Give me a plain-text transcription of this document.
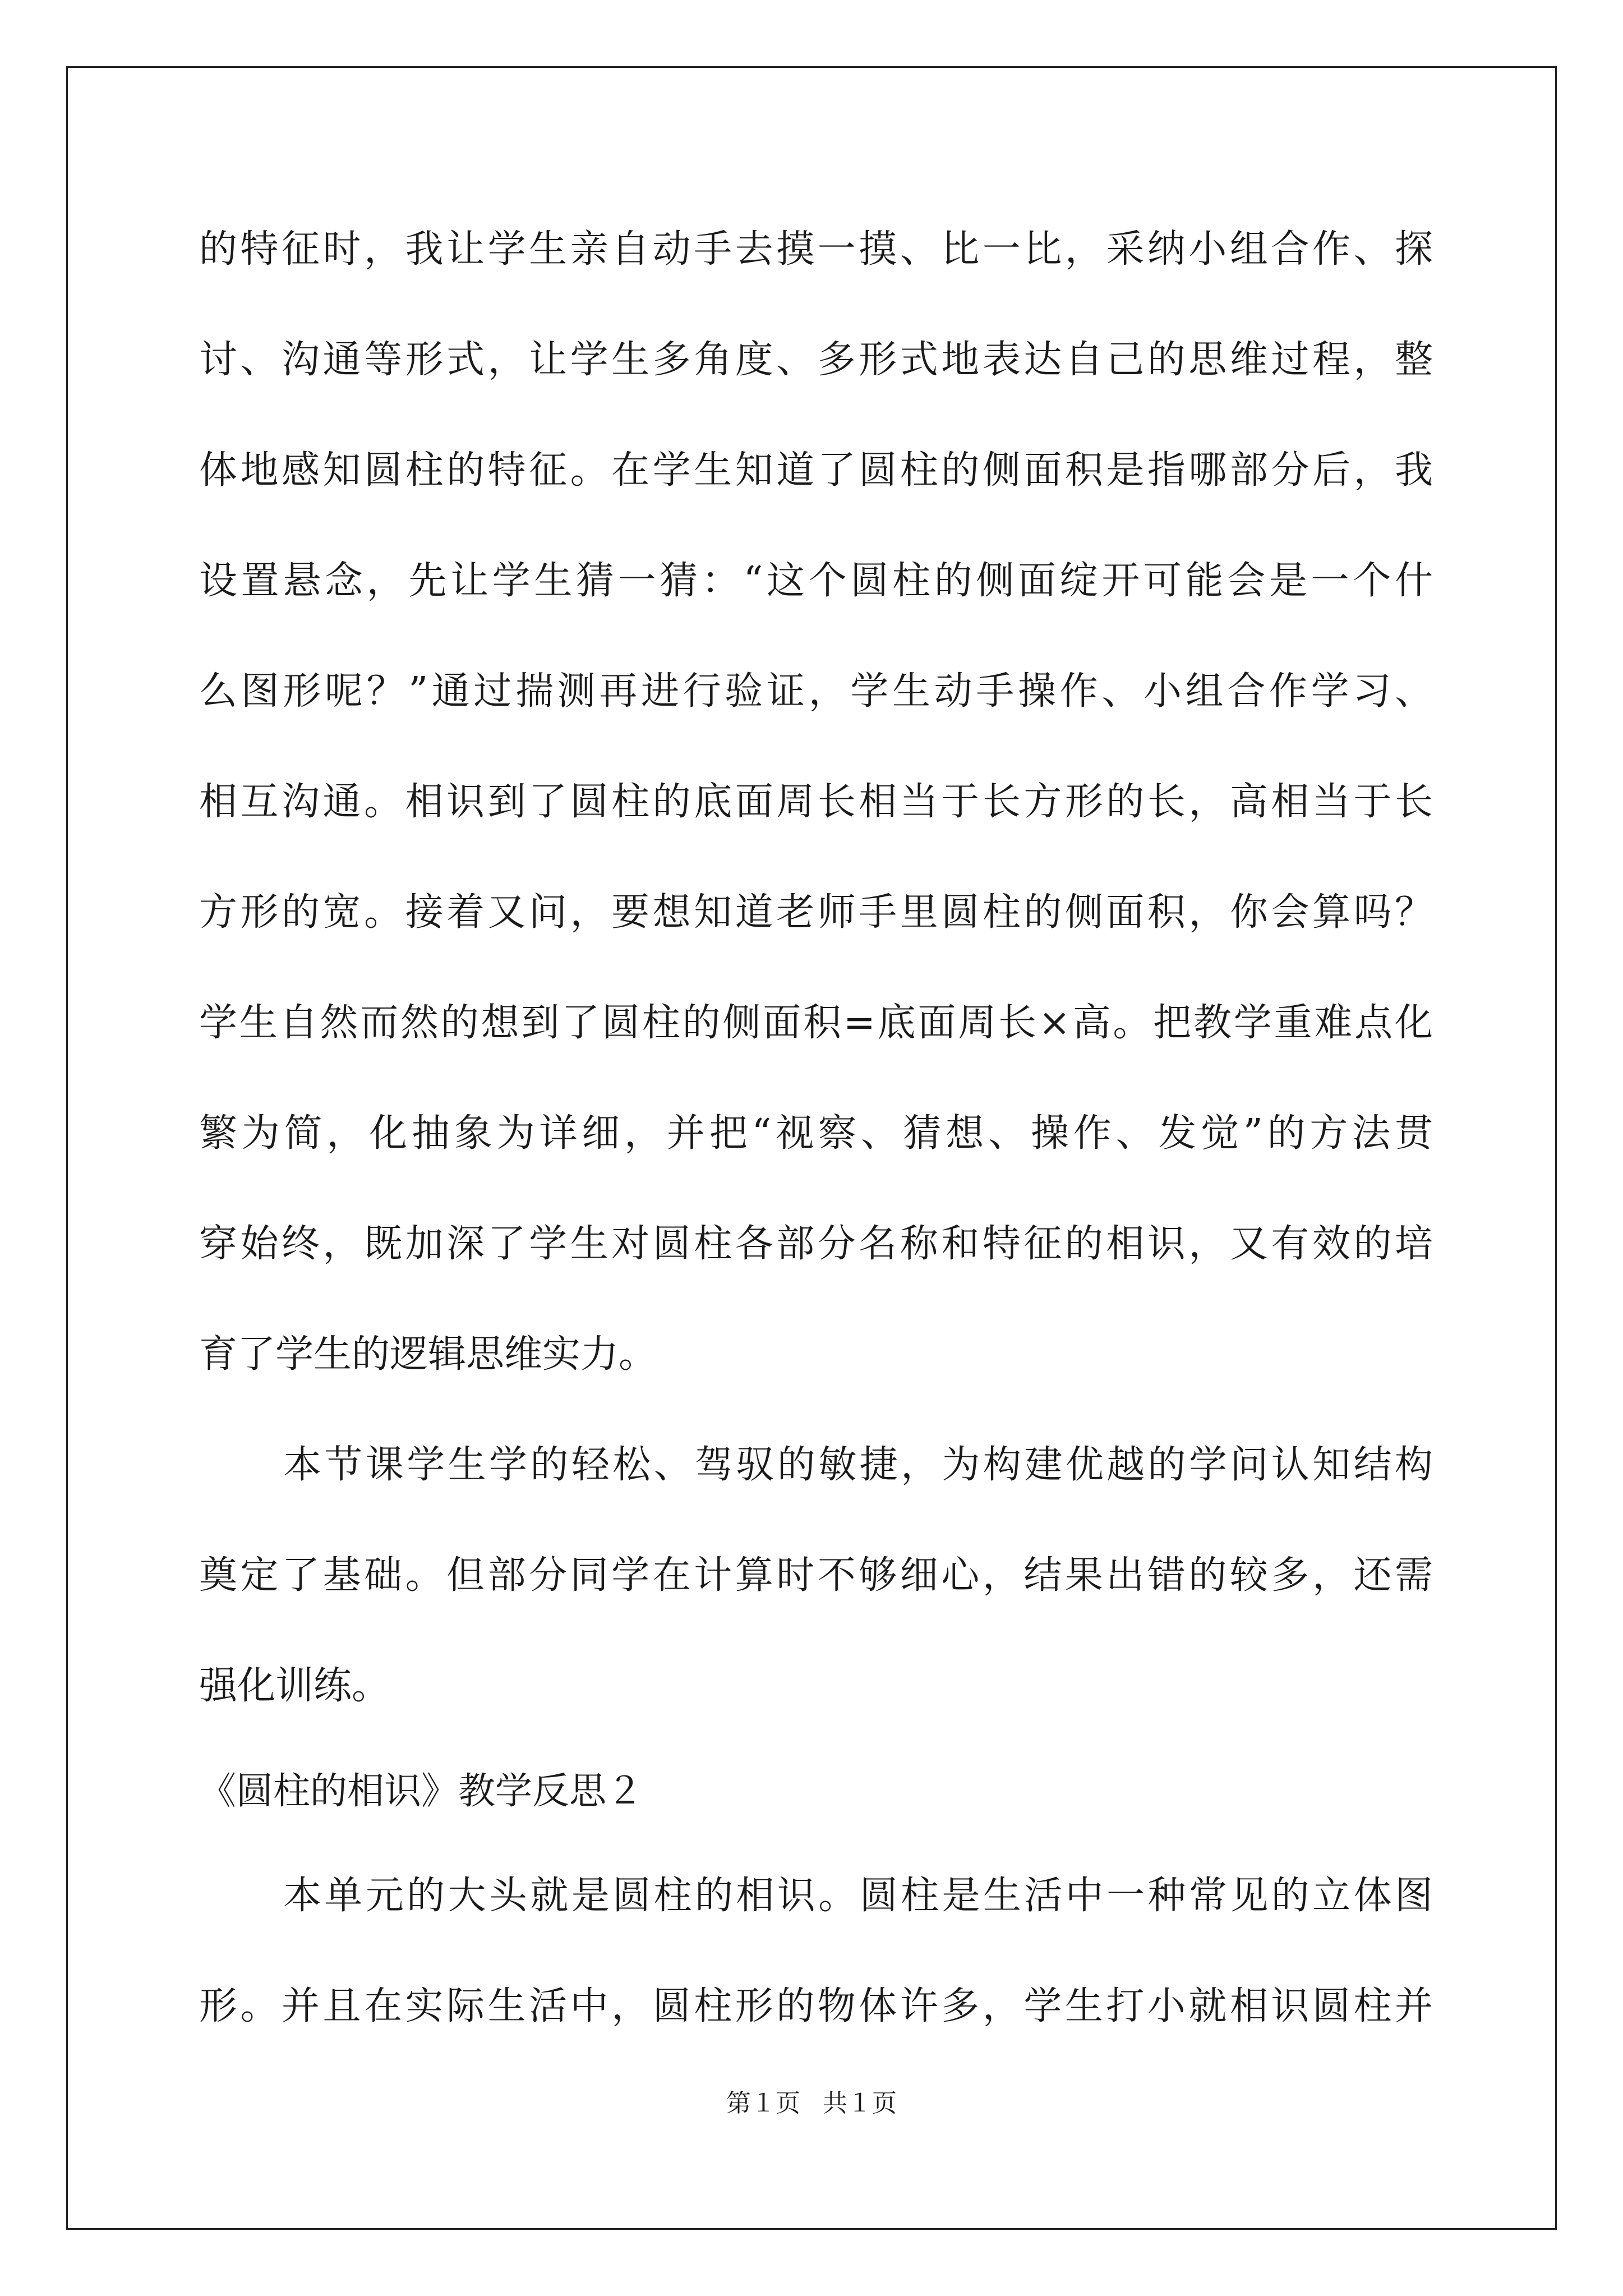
的特征时，我让学生亲自动手去摸一摸、比一比，采纳小组合作、探
讨、沟通等形式，让学生多角度、多形式地表达自己的思维过程，整
体地感知圆柱的特征。在学生知道了圆柱的侧面积是指哪部分后，我
设置悬念，先让学生猜一猜：“这个圆柱的侧面绽开可能会是一个什
么图形呢？”通过揣测再进行验证，学生动手操作、小组合作学习、
相互沟通。相识到了圆柱的底面周长相当于长方形的长，高相当于长
方形的宽。接着又问，要想知道老师手里圆柱的侧面积，你会算吗？
学生自然而然的想到了圆柱的侧面积=底面周长×高。把教学重难点化
繁为简，化抽象为详细，并把“视察、猜想、操作、发觉”的方法贯
穿始终，既加深了学生对圆柱各部分名称和特征的相识，又有效的培
育了学生的逻辑思维实力。
本节课学生学的轻松、驾驭的敏捷，为构建优越的学问认知结构
奠定了基础。但部分同学在计算时不够细心，结果出错的较多，还需
强化训练。
《圆柱的相识》教学反思２
本单元的大头就是圆柱的相识。圆柱是生活中一种常见的立体图
形。并且在实际生活中，圆柱形的物体许多，学生打小就相识圆柱并
第１页 共１页
